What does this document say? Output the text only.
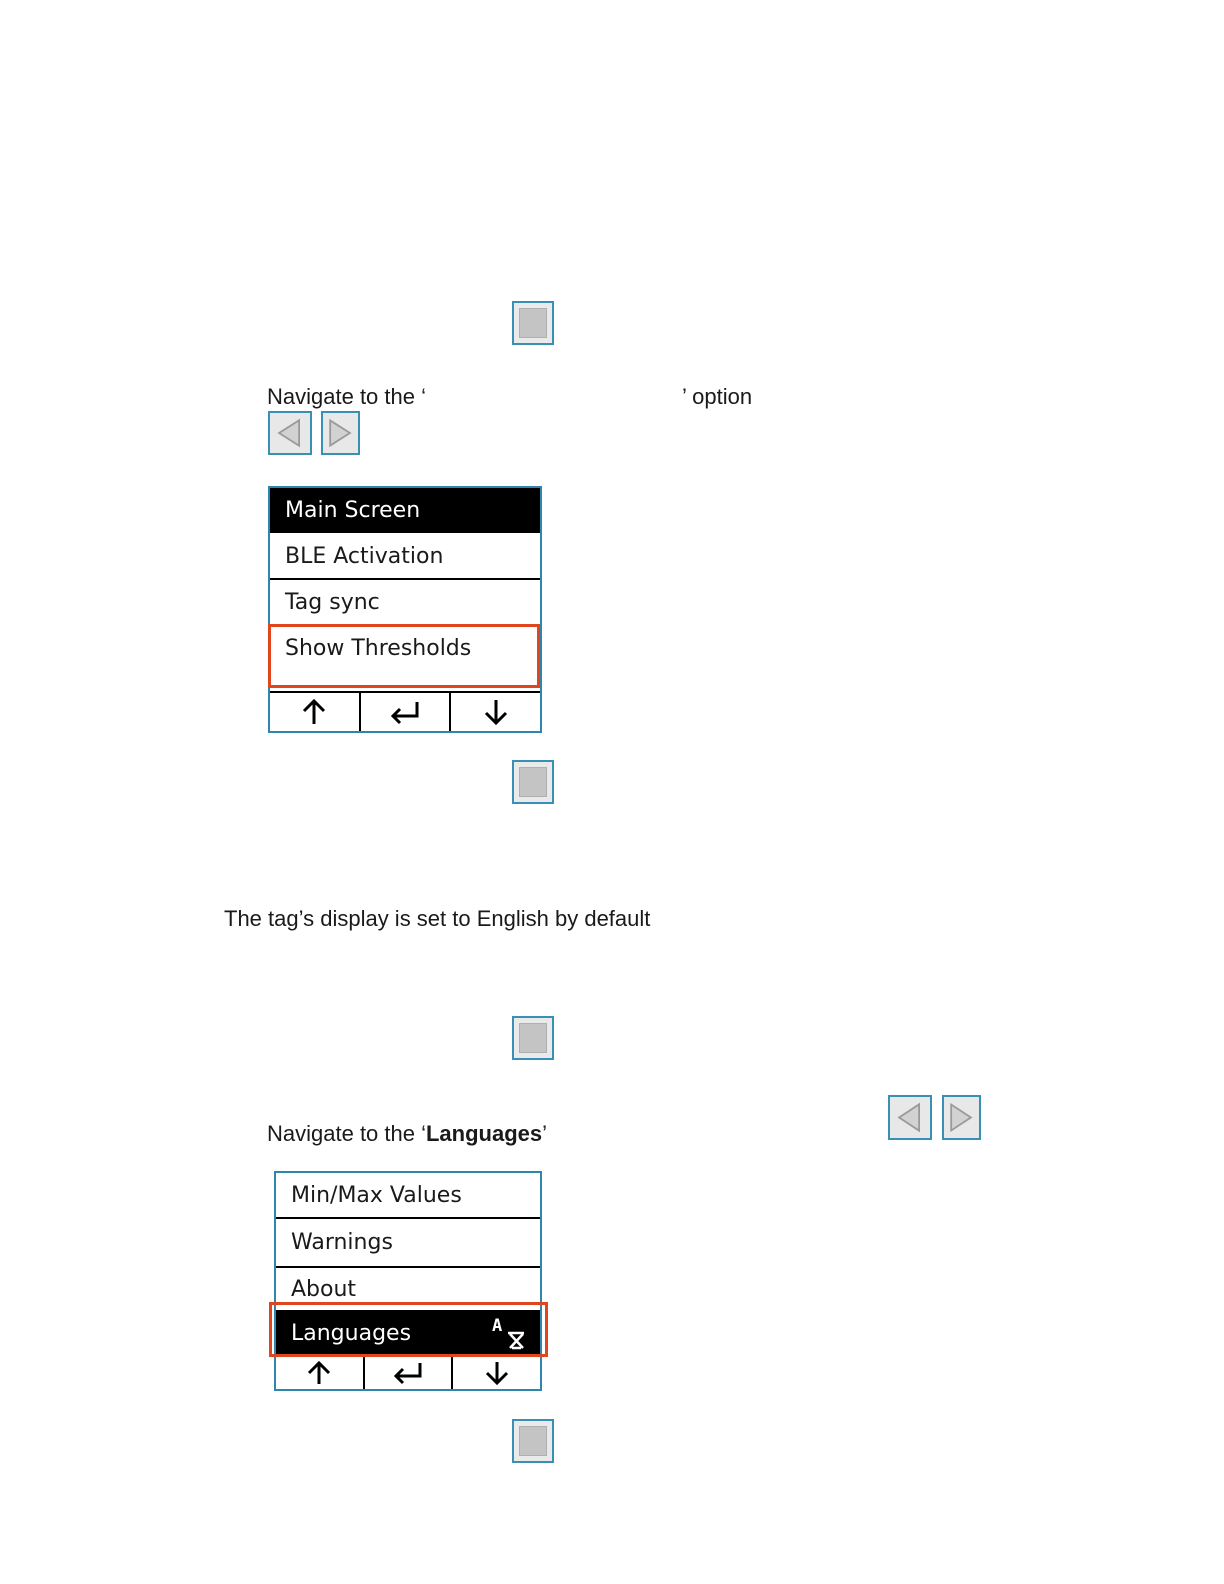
Navigate to the ‘	’ option
Main Screen
BLE Activation
Tag sync
Show Thresholds
The tag’s display is set to English by default
Navigate to the ‘Languages’
Min/Max Values
Warnings
About
Languages	A
